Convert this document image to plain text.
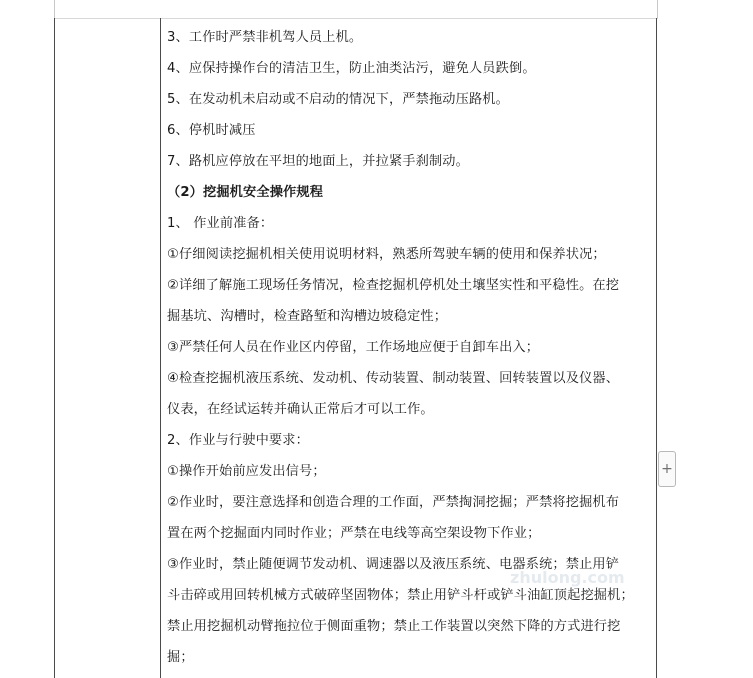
3、工作时严禁非机驾人员上机。
4、应保持操作台的清洁卫生，防止油类沾污，避免人员跌倒。
5、在发动机未启动或不启动的情况下，严禁拖动压路机。
6、停机时减压
7、路机应停放在平坦的地面上，并拉紧手刹制动。
（2）挖掘机安全操作规程
1、 作业前准备：
①仔细阅读挖掘机相关使用说明材料，熟悉所驾驶车辆的使用和保养状况；
②详细了解施工现场任务情况，检查挖掘机停机处土壤坚实性和平稳性。在挖
掘基坑、沟槽时，检查路堑和沟槽边坡稳定性；
③严禁任何人员在作业区内停留，工作场地应便于自卸车出入；
④检查挖掘机液压系统、发动机、传动装置、制动装置、回转装置以及仪器、
仪表，在经试运转并确认正常后才可以工作。
2、作业与行驶中要求：
①操作开始前应发出信号；
②作业时，要注意选择和创造合理的工作面，严禁掏洞挖掘；严禁将挖掘机布
置在两个挖掘面内同时作业；严禁在电线等高空架设物下作业；
③作业时，禁止随便调节发动机、调速器以及液压系统、电器系统；禁止用铲
斗击碎或用回转机械方式破碎坚固物体；禁止用铲斗杆或铲斗油缸顶起挖掘机；
禁止用挖掘机动臂拖拉位于侧面重物；禁止工作装置以突然下降的方式进行挖
掘；
zhulong.com
+
